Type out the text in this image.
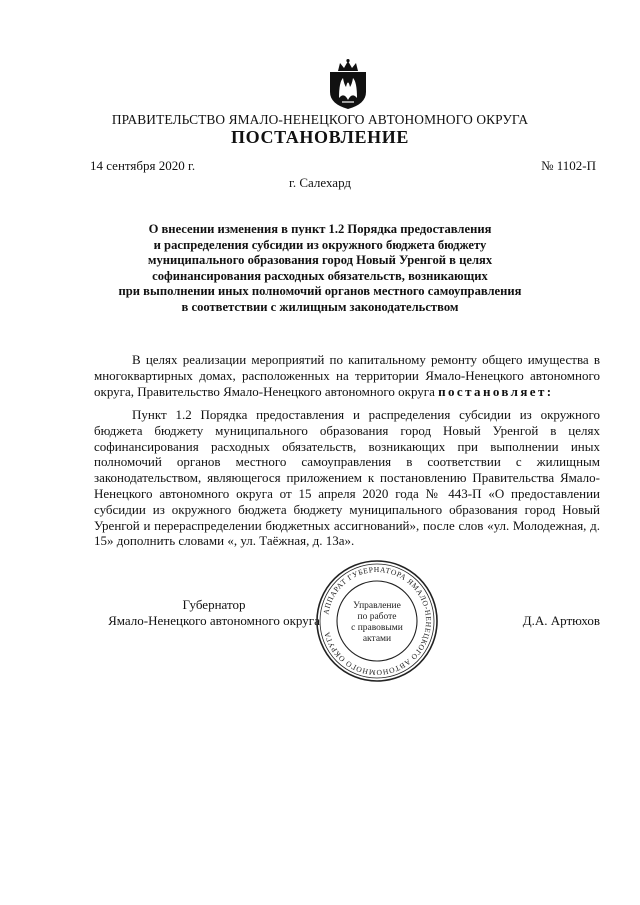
ПРАВИТЕЛЬСТВО ЯМАЛО-НЕНЕЦКОГО АВТОНОМНОГО ОКРУГА
ПОСТАНОВЛЕНИЕ
14 сентября 2020 г.	№ 1102-П
г. Салехард
О внесении изменения в пункт 1.2 Порядка предоставления
и распределения субсидии из окружного бюджета бюджету
муниципального образования город Новый Уренгой в целях
софинансирования расходных обязательств, возникающих
при выполнении иных полномочий органов местного самоуправления
в соответствии с жилищным законодательством
В целях реализации мероприятий по капитальному ремонту общего имущества в многоквартирных домах, расположенных на территории Ямало-Ненецкого автономного округа, Правительство Ямало-Ненецкого автономного округа постановляет:
Пункт 1.2 Порядка предоставления и распределения субсидии из окружного бюджета бюджету муниципального образования город Новый Уренгой в целях софинансирования расходных обязательств, возникающих при выполнении иных полномочий органов местного самоуправления в соответствии с жилищным законодательством, являющегося приложением к постановлению Правительства Ямало-Ненецкого автономного округа от 15 апреля 2020 года № 443-П «О предоставлении субсидии из окружного бюджета бюджету муниципального образования город Новый Уренгой и перераспределении бюджетных ассигнований», после слов «ул. Молодежная, д. 15» дополнить словами «, ул. Таёжная, д. 13а».
Губернатор
Ямало-Ненецкого автономного округа	Д.А. Артюхов
АППАРАТ ГУБЕРНАТОРА ЯМАЛО-НЕНЕЦКОГО АВТОНОМНОГО ОКРУГА
Управление
по работе
с правовыми
актами
